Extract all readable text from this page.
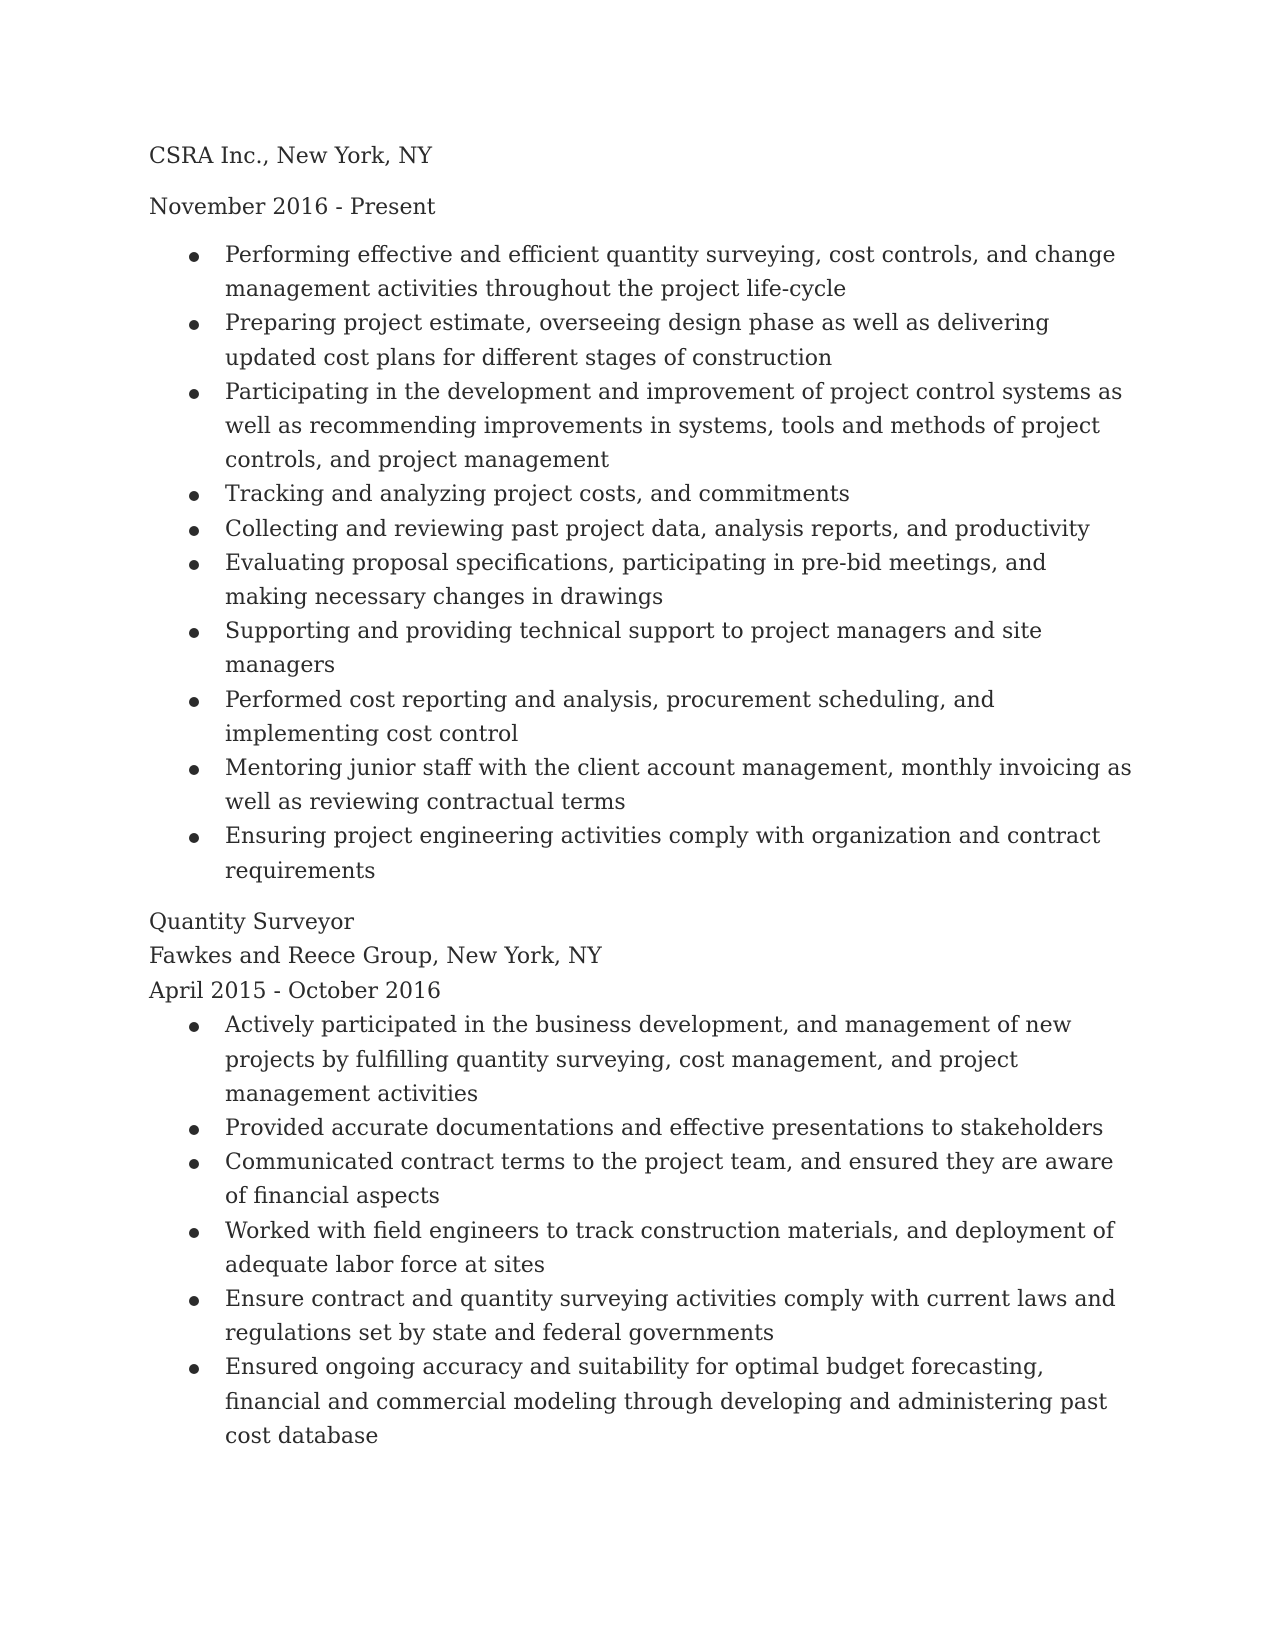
CSRA Inc., New York, NY

November 2016 - Present

Performing effective and efficient quantity surveying, cost controls, and change management activities throughout the project life-cycle
Preparing project estimate, overseeing design phase as well as delivering updated cost plans for different stages of construction
Participating in the development and improvement of project control systems as well as recommending improvements in systems, tools and methods of project controls, and project management
Tracking and analyzing project costs, and commitments
Collecting and reviewing past project data, analysis reports, and productivity
Evaluating proposal specifications, participating in pre-bid meetings, and making necessary changes in drawings
Supporting and providing technical support to project managers and site managers
Performed cost reporting and analysis, procurement scheduling, and implementing cost control
Mentoring junior staff with the client account management, monthly invoicing as well as reviewing contractual terms
Ensuring project engineering activities comply with organization and contract requirements

Quantity Surveyor

Fawkes and Reece Group, New York, NY

April 2015 - October 2016

Actively participated in the business development, and management of new projects by fulfilling quantity surveying, cost management, and project management activities
Provided accurate documentations and effective presentations to stakeholders
Communicated contract terms to the project team, and ensured they are aware of financial aspects
Worked with field engineers to track construction materials, and deployment of adequate labor force at sites
Ensure contract and quantity surveying activities comply with current laws and regulations set by state and federal governments
Ensured ongoing accuracy and suitability for optimal budget forecasting, financial and commercial modeling through developing and administering past cost database
